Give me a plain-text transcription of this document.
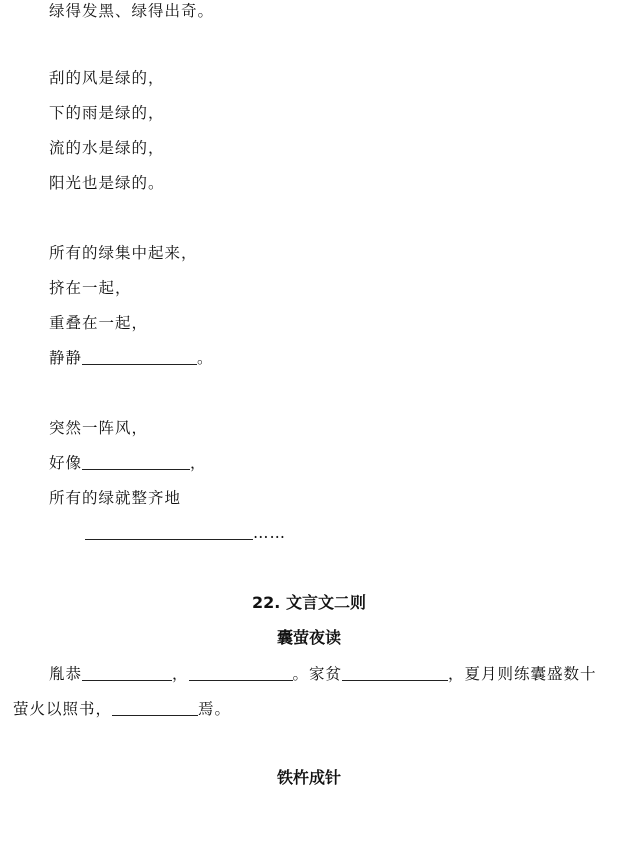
绿得发黑、绿得出奇。
刮的风是绿的，
下的雨是绿的，
流的水是绿的，
阳光也是绿的。
所有的绿集中起来，
挤在一起，
重叠在一起，
静静	。
突然一阵风，
好像	，
所有的绿就整齐地
……
22. 文言文二则
囊萤夜读
胤恭	，	。家贫	，夏月则练囊盛数十
萤火以照书，	焉。
铁杵成针
